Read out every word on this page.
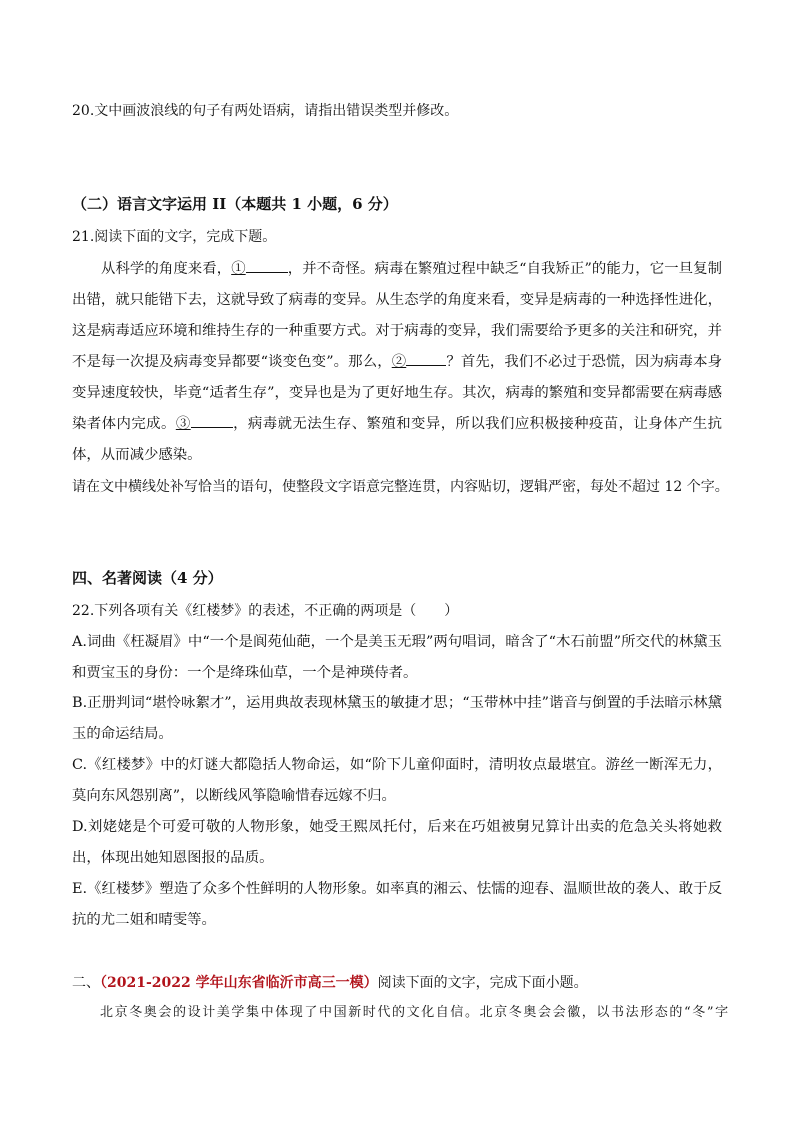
20.文中画波浪线的句子有两处语病，请指出错误类型并修改。
（二）语言文字运用 II（本题共 1 小题，6 分）
21.阅读下面的文字，完成下题。
从科学的角度来看，①	，并不奇怪。病毒在繁殖过程中缺乏“自我矫正”的能力，它一旦复制出错，就只能错下去，这就导致了病毒的变异。从生态学的角度来看，变异是病毒的一种选择性进化，这是病毒适应环境和维持生存的一种重要方式。对于病毒的变异，我们需要给予更多的关注和研究，并不是每一次提及病毒变异都要“谈变色变”。那么，②	？首先，我们不必过于恐慌，因为病毒本身变异速度较快，毕竟“适者生存”，变异也是为了更好地生存。其次，病毒的繁殖和变异都需要在病毒感染者体内完成。③	，病毒就无法生存、繁殖和变异，所以我们应积极接种疫苗，让身体产生抗体，从而减少感染。
请在文中横线处补写恰当的语句，使整段文字语意完整连贯，内容贴切，逻辑严密，每处不超过 12 个字。
四、名著阅读（4 分）
22.下列各项有关《红楼梦》的表述，不正确的两项是（　　）
A.词曲《枉凝眉》中“一个是阆苑仙葩，一个是美玉无瑕”两句唱词，暗含了“木石前盟”所交代的林黛玉和贾宝玉的身份：一个是绛珠仙草，一个是神瑛侍者。
B.正册判词“堪怜咏絮才”，运用典故表现林黛玉的敏捷才思；“玉带林中挂”谐音与倒置的手法暗示林黛玉的命运结局。
C.《红楼梦》中的灯谜大都隐括人物命运，如“阶下儿童仰面时，清明妆点最堪宜。游丝一断浑无力，莫向东风怨别离”，以断线风筝隐喻惜春远嫁不归。
D.刘姥姥是个可爱可敬的人物形象，她受王熙凤托付，后来在巧姐被舅兄算计出卖的危急关头将她救出，体现出她知恩图报的品质。
E.《红楼梦》塑造了众多个性鲜明的人物形象。如率真的湘云、怯懦的迎春、温顺世故的袭人、敢于反抗的尤二姐和晴雯等。
二、（2021-2022 学年山东省临沂市高三一模）阅读下面的文字，完成下面小题。
北京冬奥会的设计美学集中体现了中国新时代的文化自信。北京冬奥会会徽，以书法形态的“冬”字
